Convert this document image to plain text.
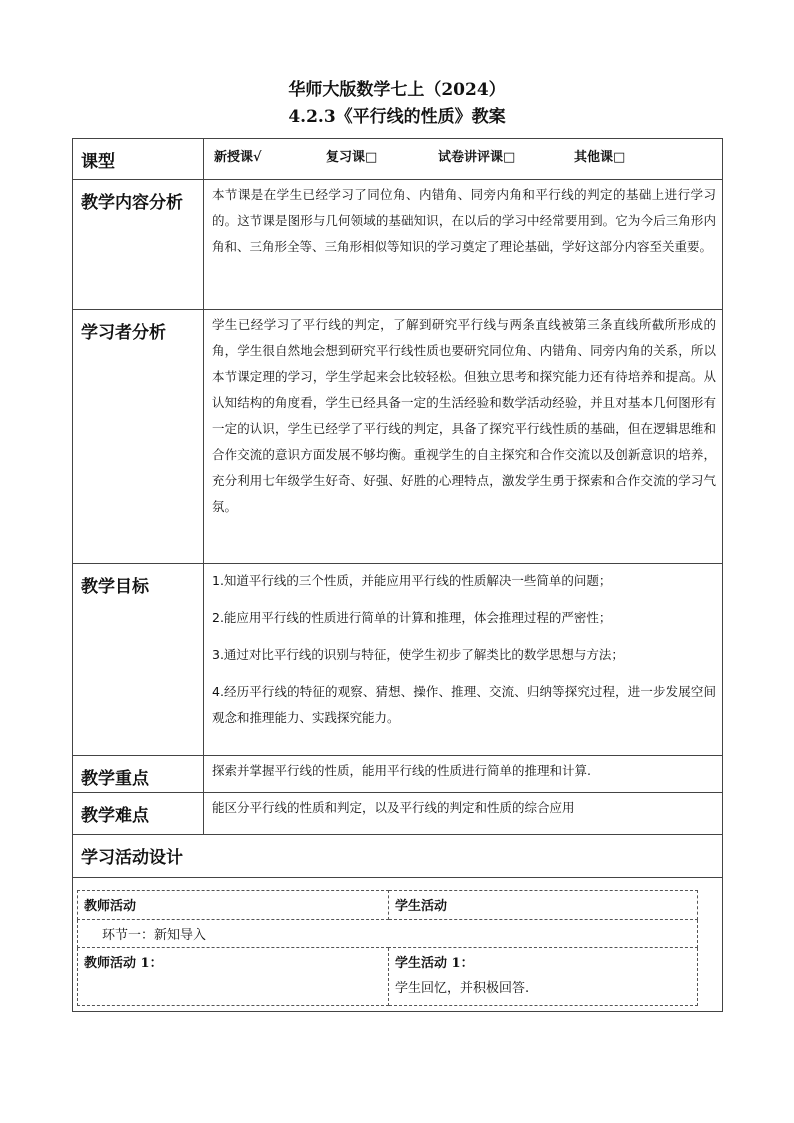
华师大版数学七上（2024）
4.2.3《平行线的性质》教案
课型	新授课√	复习课□	试卷讲评课□	其他课□
教学内容分析	本节课是在学生已经学习了同位角、内错角、同旁内角和平行线的判定的基础上进行学习的。这节课是图形与几何领域的基础知识，在以后的学习中经常要用到。它为今后三角形内角和、三角形全等、三角形相似等知识的学习奠定了理论基础，学好这部分内容至关重要。
学习者分析	学生已经学习了平行线的判定，了解到研究平行线与两条直线被第三条直线所截所形成的角，学生很自然地会想到研究平行线性质也要研究同位角、内错角、同旁内角的关系，所以本节课定理的学习，学生学起来会比较轻松。但独立思考和探究能力还有待培养和提高。从认知结构的角度看，学生已经具备一定的生活经验和数学活动经验，并且对基本几何图形有一定的认识，学生已经学了平行线的判定，具备了探究平行线性质的基础，但在逻辑思维和合作交流的意识方面发展不够均衡。重视学生的自主探究和合作交流以及创新意识的培养，充分利用七年级学生好奇、好强、好胜的心理特点，激发学生勇于探索和合作交流的学习气氛。
教学目标	1.知道平行线的三个性质，并能应用平行线的性质解决一些简单的问题；
2.能应用平行线的性质进行简单的计算和推理，体会推理过程的严密性；
3.通过对比平行线的识别与特征，使学生初步了解类比的数学思想与方法；
4.经历平行线的特征的观察、猜想、操作、推理、交流、归纳等探究过程，进一步发展空间观念和推理能力、实践探究能力。

教学重点	探索并掌握平行线的性质，能用平行线的性质进行简单的推理和计算.
教学难点	能区分平行线的性质和判定，以及平行线的判定和性质的综合应用
学习活动设计

教师活动	学生活动
环节一：新知导入
教师活动 1：	学生活动 1：
学生回忆，并积极回答.
